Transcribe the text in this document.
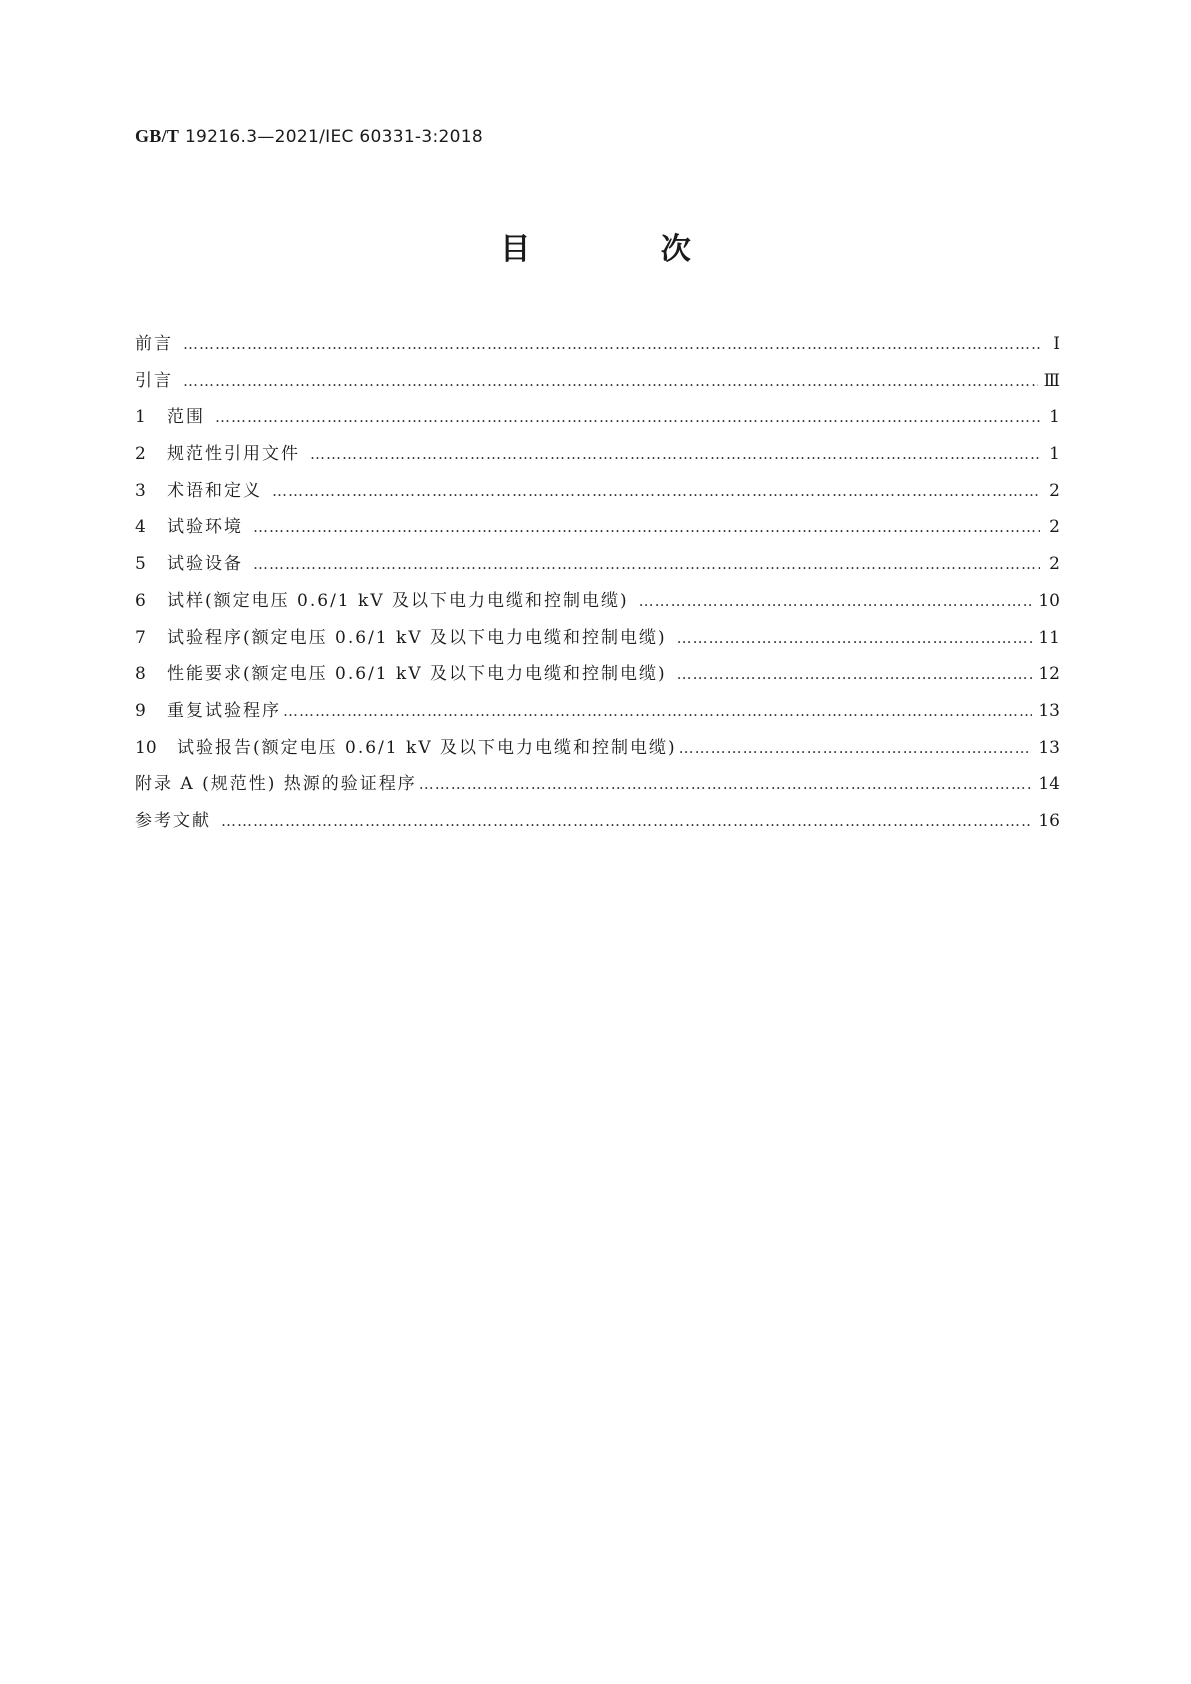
GB/T 19216.3—2021/IEC 60331-3:2018
目 次
前言 ………………………………………………………………………………………………………………………………………………………………………………………………………………………………………………	Ⅰ
引言 ………………………………………………………………………………………………………………………………………………………………………………………………………………………………………………	Ⅲ
1	范围 ………………………………………………………………………………………………………………………………………………………………………………………………………………………………………………	1
2	规范性引用文件 ………………………………………………………………………………………………………………………………………………………………………………………………………………………………………………	1
3	术语和定义 ………………………………………………………………………………………………………………………………………………………………………………………………………………………………………………	2
4	试验环境 ………………………………………………………………………………………………………………………………………………………………………………………………………………………………………………	2
5	试验设备 ………………………………………………………………………………………………………………………………………………………………………………………………………………………………………………	2
6	试样(额定电压 0.6/1 kV 及以下电力电缆和控制电缆) ………………………………………………………………………………………………………………………………………………………………………………………………………………………………………………	10
7	试验程序(额定电压 0.6/1 kV 及以下电力电缆和控制电缆) ………………………………………………………………………………………………………………………………………………………………………………………………………………………………………………	11
8	性能要求(额定电压 0.6/1 kV 及以下电力电缆和控制电缆) ………………………………………………………………………………………………………………………………………………………………………………………………………………………………………………	12
9	重复试验程序 ………………………………………………………………………………………………………………………………………………………………………………………………………………………………………………	13
10	试验报告(额定电压 0.6/1 kV 及以下电力电缆和控制电缆) ………………………………………………………………………………………………………………………………………………………………………………………………………………………………………………	13
附录 A (规范性) 热源的验证程序 ………………………………………………………………………………………………………………………………………………………………………………………………………………………………………………	14
参考文献 ………………………………………………………………………………………………………………………………………………………………………………………………………………………………………………	16
